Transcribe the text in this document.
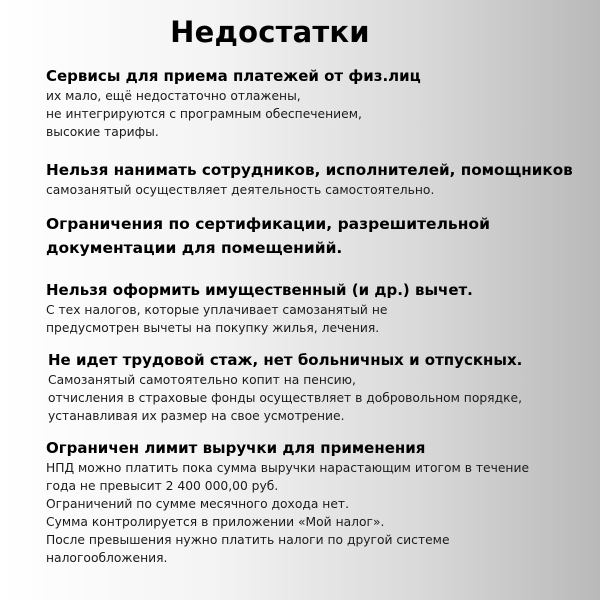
Недостатки
Сервисы для приема платежей от физ.лиц
их мало, ещё недостаточно отлажены,
не интегрируются с програмным обеспечением,
высокие тарифы.
Нельзя нанимать сотрудников, исполнителей, помощников
самозанятый осуществляет деятельность самостоятельно.
Ограничения по сертификации, разрешительной
документации для помещенийй.
Нельзя оформить имущественный (и др.) вычет.
С тех налогов, которые уплачивает самозанятый не
предусмотрен вычеты на покупку жилья, лечения.
Не идет трудовой стаж, нет больничных и отпускных.
Самозанятый самотоятельно копит на пенсию,
отчисления в страховые фонды осуществляет в добровольном порядке,
устанавливая их размер на свое усмотрение.
Ограничен лимит выручки для применения
НПД можно платить пока сумма выручки нарастающим итогом в течение
года не превысит 2 400 000,00 руб.
Ограничений по сумме месячного дохода нет.
Сумма контролируется в приложении «Мой налог».
После превышения нужно платить налоги по другой системе
налогообложения.
